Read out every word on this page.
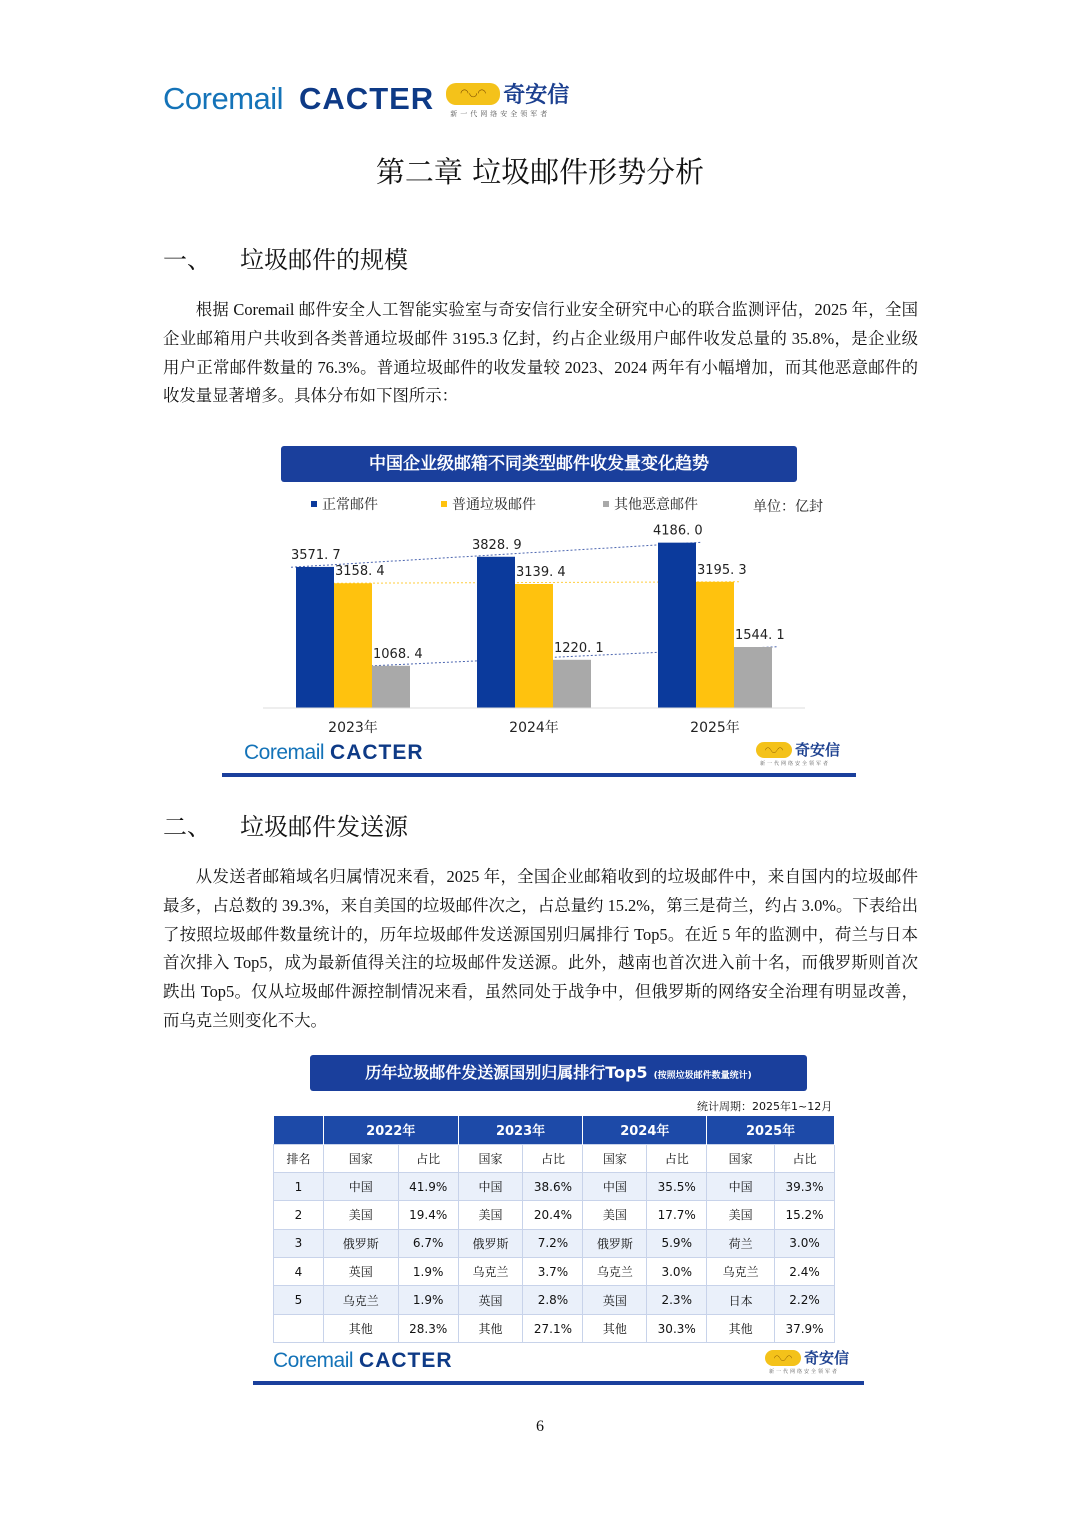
Coremail CACTER	◠◡◠ 奇安信
新一代网络安全领军者
第二章 垃圾邮件形势分析
一、 垃圾邮件的规模

根据 Coremail 邮件安全人工智能实验室与奇安信行业安全研究中心的联合监测评估，2025 年，全国企业邮箱用户共收到各类普通垃圾邮件 3195.3 亿封，约占企业级用户邮件收发总量的 35.8%，是企业级用户正常邮件数量的 76.3%。普通垃圾邮件的收发量较 2023、2024 两年有小幅增加，而其他恶意邮件的收发量显著增多。具体分布如下图所示：

中国企业级邮箱不同类型邮件收发量变化趋势
正常邮件	普通垃圾邮件	其他恶意邮件	单位：亿封
3571. 7
3828. 9
4186. 0
3158. 4	3139. 4	3195. 3
1068. 4	1220. 1
1544. 1
2023年	2024年	2025年
Coremail CACTER	◠◡◠ 奇安信
新一代网络安全领军者
二、 垃圾邮件发送源

从发送者邮箱域名归属情况来看，2025 年，全国企业邮箱收到的垃圾邮件中，来自国内的垃圾邮件最多，占总数的 39.3%，来自美国的垃圾邮件次之，占总量约 15.2%，第三是荷兰，约占 3.0%。下表给出了按照垃圾邮件数量统计的，历年垃圾邮件发送源国别归属排行 Top5。在近 5 年的监测中，荷兰与日本首次排入 Top5，成为最新值得关注的垃圾邮件发送源。此外，越南也首次进入前十名，而俄罗斯则首次跌出 Top5。仅从垃圾邮件源控制情况来看，虽然同处于战争中，但俄罗斯的网络安全治理有明显改善，而乌克兰则变化不大。

历年垃圾邮件发送源国别归属排行Top5 (按照垃圾邮件数量统计)
统计周期：2025年1~12月
	2022年		2023年		2024年		2025年	
排名	国家	占比	国家	占比	国家	占比	国家	占比
1	中国	41.9%	中国	38.6%	中国	35.5%	中国	39.3%
2	美国	19.4%	美国	20.4%	美国	17.7%	美国	15.2%
3	俄罗斯	6.7%	俄罗斯	7.2%	俄罗斯	5.9%	荷兰	3.0%
4	英国	1.9%	乌克兰	3.7%	乌克兰	3.0%	乌克兰	2.4%
5	乌克兰	1.9%	英国	2.8%	英国	2.3%	日本	2.2%
	其他	28.3%	其他	27.1%	其他	30.3%	其他	37.9%
Coremail CACTER	◠◡◠ 奇安信
新一代网络安全领军者
6
